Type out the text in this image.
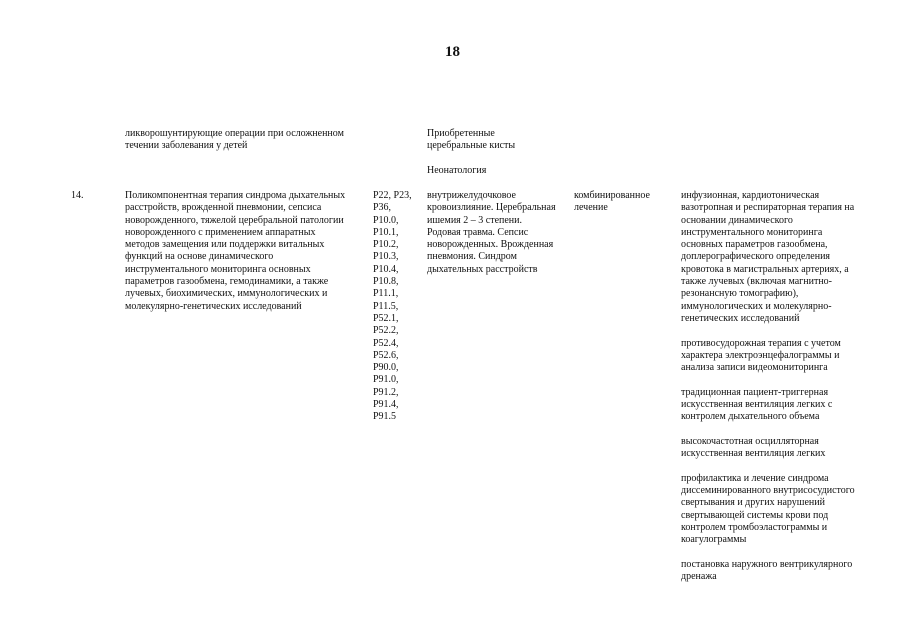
18
ликворошунтирующие операции при осложненном
течении заболевания у детей
Приобретенные
церебральные кисты
Неонатология
14.	Поликомпонентная терапия синдрома дыхательных
расстройств, врожденной пневмонии, сепсиса
новорожденного, тяжелой церебральной патологии
новорожденного с применением аппаратных
методов замещения или поддержки витальных
функций на основе динамического
инструментального мониторинга основных
параметров газообмена, гемодинамики, а также
лучевых, биохимических, иммунологических и
молекулярно-генетических исследований
P22, P23,
P36,
P10.0,
P10.1,
P10.2,
P10.3,
P10.4,
P10.8,
P11.1,
P11.5,
P52.1,
P52.2,
P52.4,
P52.6,
P90.0,
P91.0,
P91.2,
P91.4,
P91.5
внутрижелудочковое
кровоизлияние. Церебральная
ишемия 2 – 3 степени.
Родовая травма. Сепсис
новорожденных. Врожденная
пневмония. Синдром
дыхательных расстройств
комбинированное
лечение
инфузионная, кардиотоническая
вазотропная и респираторная терапия на
основании динамического
инструментального мониторинга
основных параметров газообмена,
доплерографического определения
кровотока в магистральных артериях, а
также лучевых (включая магнитно-
резонансную томографию),
иммунологических и молекулярно-
генетических исследований
противосудорожная терапия с учетом
характера электроэнцефалограммы и
анализа записи видеомониторинга
традиционная пациент-триггерная
искусственная вентиляция легких с
контролем дыхательного объема
высокочастотная осцилляторная
искусственная вентиляция легких
профилактика и лечение синдрома
диссеминированного внутрисосудистого
свертывания и других нарушений
свертывающей системы крови под
контролем тромбоэластограммы и
коагулограммы
постановка наружного вентрикулярного
дренажа
